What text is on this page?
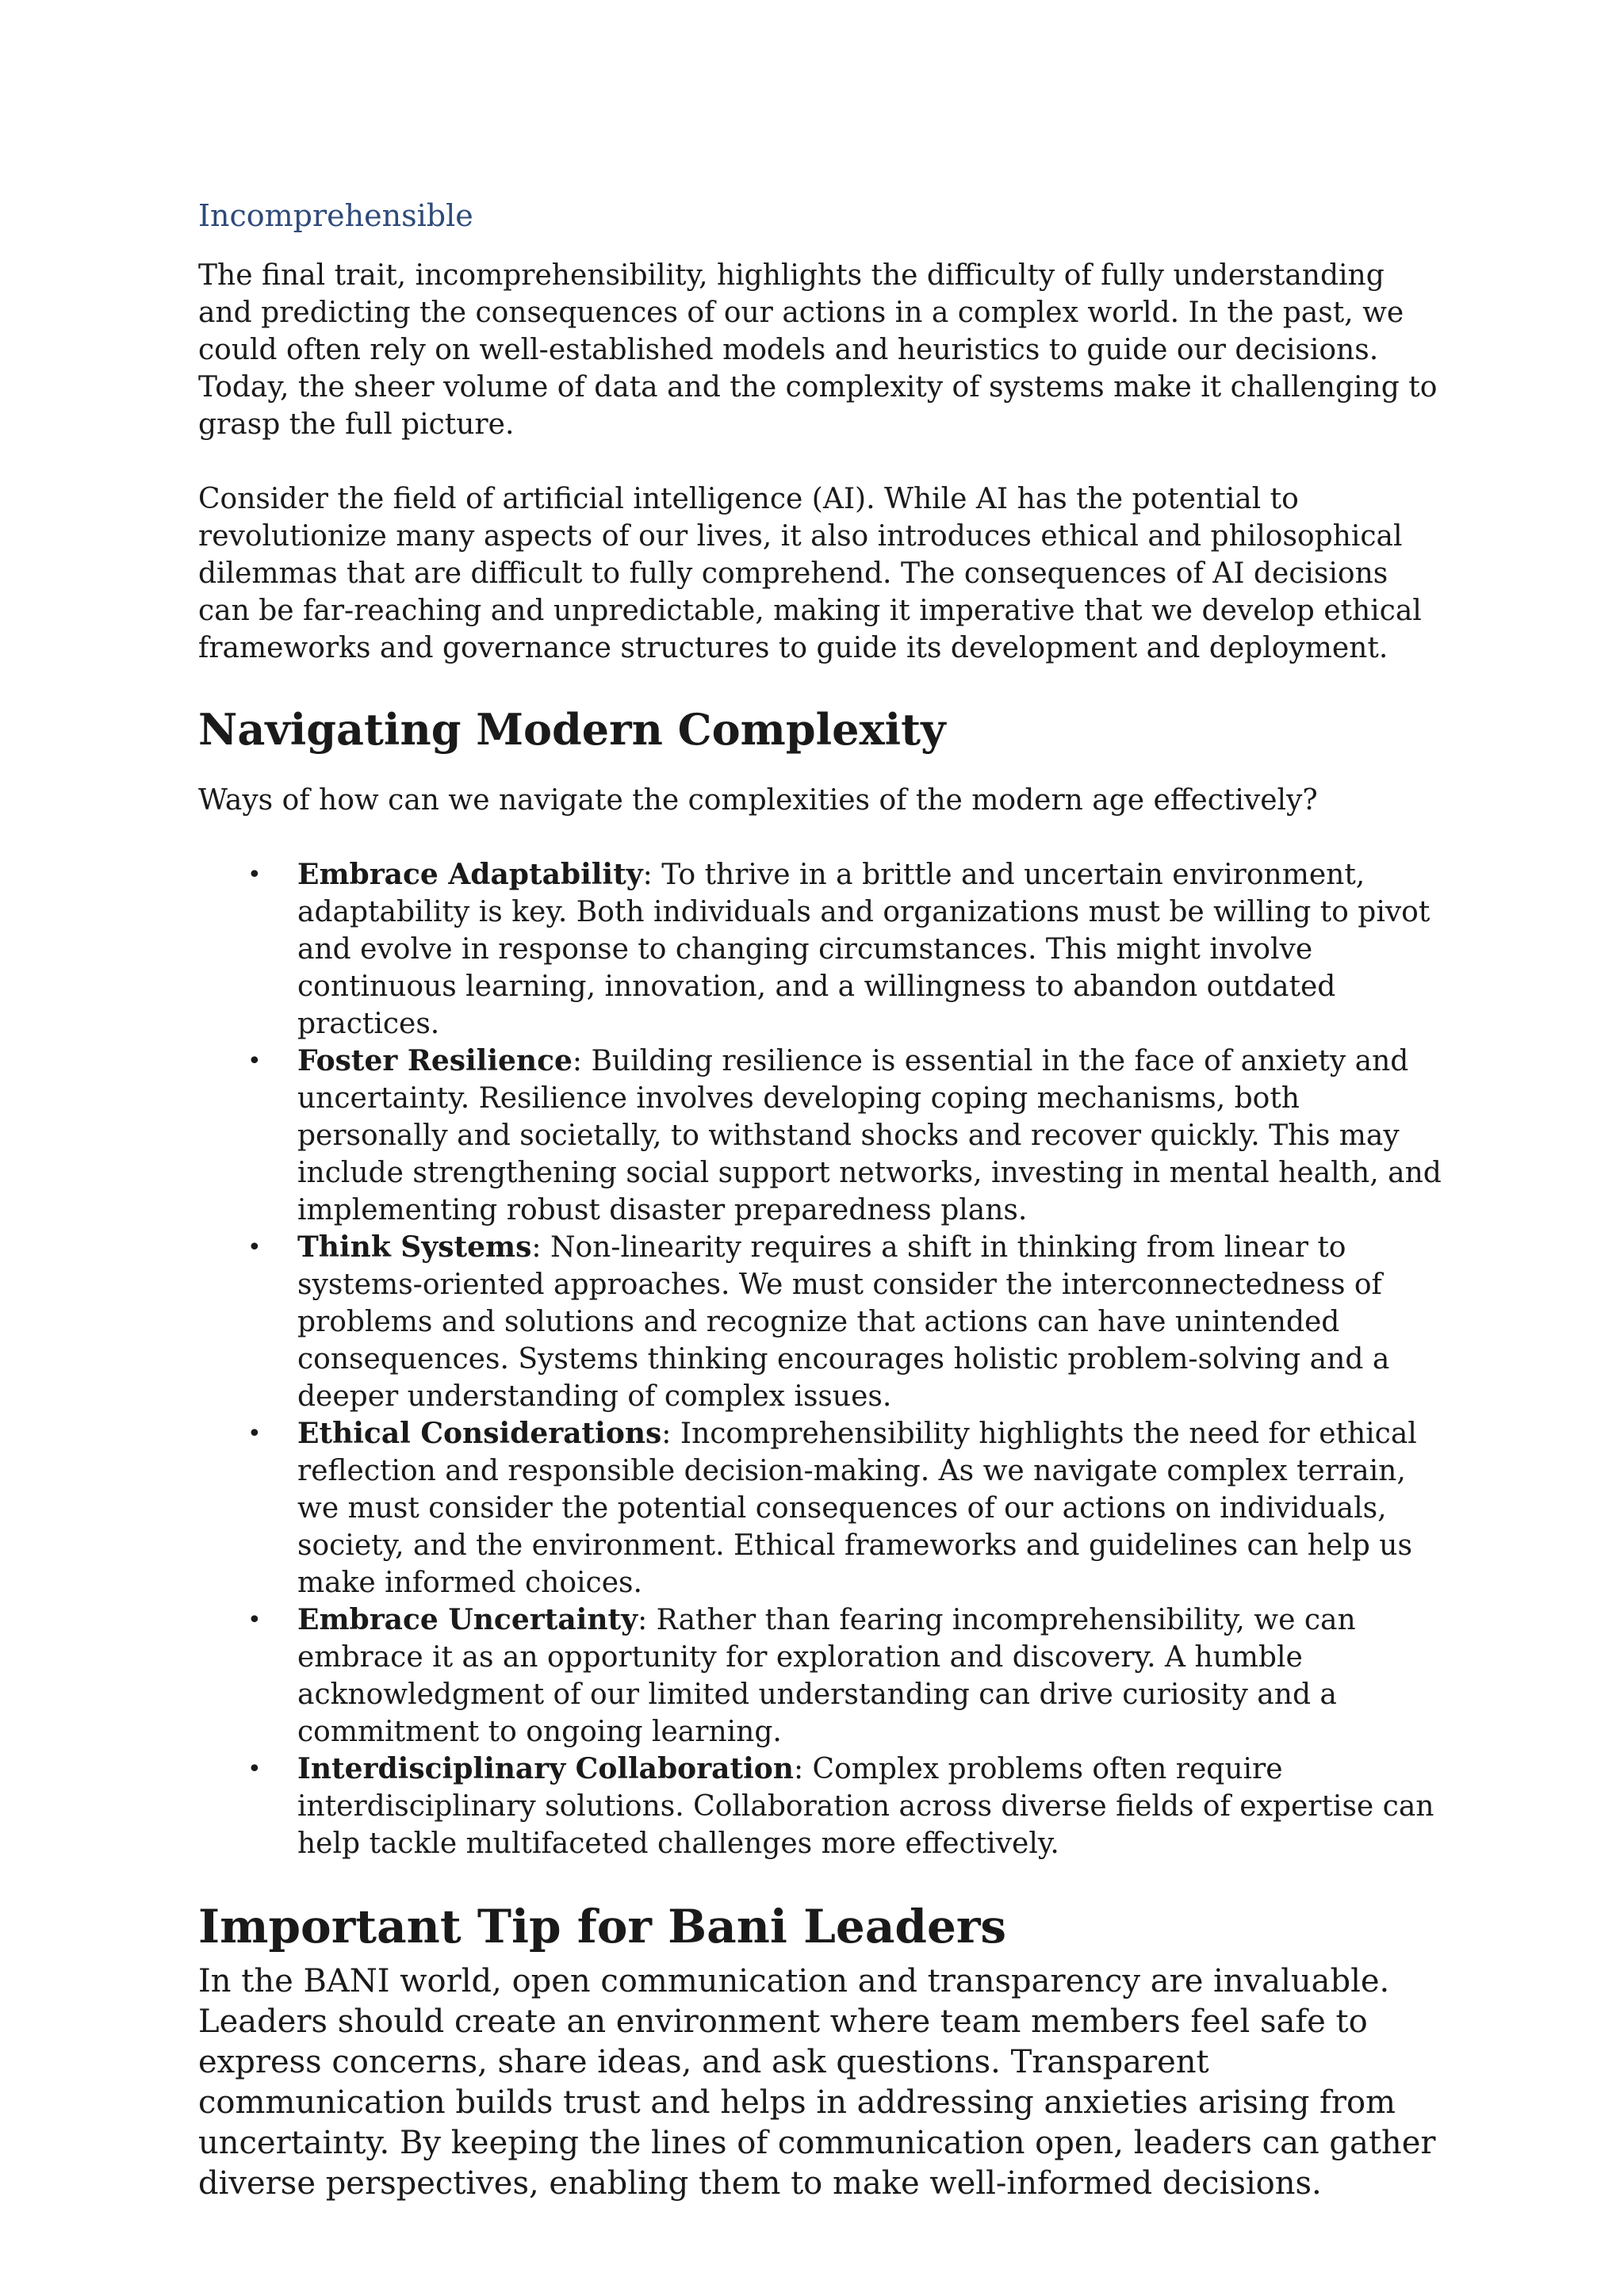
Incomprehensible

The final trait, incomprehensibility, highlights the difficulty of fully understanding and predicting the consequences of our actions in a complex world. In the past, we could often rely on well-established models and heuristics to guide our decisions. Today, the sheer volume of data and the complexity of systems make it challenging to grasp the full picture.

Consider the field of artificial intelligence (AI). While AI has the potential to revolutionize many aspects of our lives, it also introduces ethical and philosophical dilemmas that are difficult to fully comprehend. The consequences of AI decisions can be far-reaching and unpredictable, making it imperative that we develop ethical frameworks and governance structures to guide its development and deployment.

Navigating Modern Complexity

Ways of how can we navigate the complexities of the modern age effectively?

• Embrace Adaptability: To thrive in a brittle and uncertain environment, adaptability is key. Both individuals and organizations must be willing to pivot and evolve in response to changing circumstances. This might involve continuous learning, innovation, and a willingness to abandon outdated practices.
• Foster Resilience: Building resilience is essential in the face of anxiety and uncertainty. Resilience involves developing coping mechanisms, both personally and societally, to withstand shocks and recover quickly. This may include strengthening social support networks, investing in mental health, and implementing robust disaster preparedness plans.
• Think Systems: Non-linearity requires a shift in thinking from linear to systems-oriented approaches. We must consider the interconnectedness of problems and solutions and recognize that actions can have unintended consequences. Systems thinking encourages holistic problem-solving and a deeper understanding of complex issues.
• Ethical Considerations: Incomprehensibility highlights the need for ethical reflection and responsible decision-making. As we navigate complex terrain, we must consider the potential consequences of our actions on individuals, society, and the environment. Ethical frameworks and guidelines can help us make informed choices.
• Embrace Uncertainty: Rather than fearing incomprehensibility, we can embrace it as an opportunity for exploration and discovery. A humble acknowledgment of our limited understanding can drive curiosity and a commitment to ongoing learning.
• Interdisciplinary Collaboration: Complex problems often require interdisciplinary solutions. Collaboration across diverse fields of expertise can help tackle multifaceted challenges more effectively.
Important Tip for Bani Leaders

In the BANI world, open communication and transparency are invaluable. Leaders should create an environment where team members feel safe to express concerns, share ideas, and ask questions. Transparent communication builds trust and helps in addressing anxieties arising from uncertainty. By keeping the lines of communication open, leaders can gather diverse perspectives, enabling them to make well-informed decisions.
